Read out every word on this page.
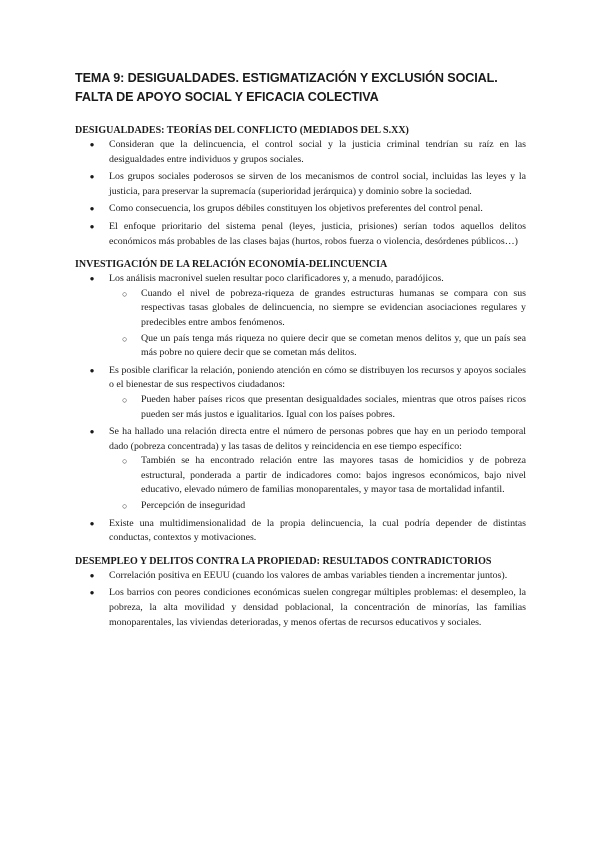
TEMA 9: DESIGUALDADES. ESTIGMATIZACIÓN Y EXCLUSIÓN SOCIAL. FALTA DE APOYO SOCIAL Y EFICACIA COLECTIVA
DESIGUALDADES: TEORÍAS DEL CONFLICTO (MEDIADOS DEL S.XX)
●	Consideran que la delincuencia, el control social y la justicia criminal tendrían su raíz en las desigualdades entre individuos y grupos sociales.
●	Los grupos sociales poderosos se sirven de los mecanismos de control social, incluidas las leyes y la justicia, para preservar la supremacía (superioridad jerárquica) y dominio sobre la sociedad.
●	Como consecuencia, los grupos débiles constituyen los objetivos preferentes del control penal.
●	El enfoque prioritario del sistema penal (leyes, justicia, prisiones) serían todos aquellos delitos económicos más probables de las clases bajas (hurtos, robos fuerza o violencia, desórdenes públicos…)
INVESTIGACIÓN DE LA RELACIÓN ECONOMÍA-DELINCUENCIA
●	Los análisis macronivel suelen resultar poco clarificadores y, a menudo, paradójicos.
○ Cuando el nivel de pobreza-riqueza de grandes estructuras humanas se compara con sus respectivas tasas globales de delincuencia, no siempre se evidencian asociaciones regulares y predecibles entre ambos fenómenos.
○ Que un país tenga más riqueza no quiere decir que se cometan menos delitos y, que un país sea más pobre no quiere decir que se cometan más delitos.
●	Es posible clarificar la relación, poniendo atención en cómo se distribuyen los recursos y apoyos sociales o el bienestar de sus respectivos ciudadanos:
○ Pueden haber países ricos que presentan desigualdades sociales, mientras que otros países ricos pueden ser más justos e igualitarios. Igual con los países pobres.
●	Se ha hallado una relación directa entre el número de personas pobres que hay en un periodo temporal dado (pobreza concentrada) y las tasas de delitos y reincidencia en ese tiempo específico:
○ También se ha encontrado relación entre las mayores tasas de homicidios y de pobreza estructural, ponderada a partir de indicadores como: bajos ingresos económicos, bajo nivel educativo, elevado número de familias monoparentales, y mayor tasa de mortalidad infantil.
○ Percepción de inseguridad
●	Existe una multidimensionalidad de la propia delincuencia, la cual podría depender de distintas conductas, contextos y motivaciones.
DESEMPLEO Y DELITOS CONTRA LA PROPIEDAD: RESULTADOS CONTRADICTORIOS
●	Correlación positiva en EEUU (cuando los valores de ambas variables tienden a incrementar juntos).
●	Los barrios con peores condiciones económicas suelen congregar múltiples problemas: el desempleo, la pobreza, la alta movilidad y densidad poblacional, la concentración de minorías, las familias monoparentales, las viviendas deterioradas, y menos ofertas de recursos educativos y sociales.
